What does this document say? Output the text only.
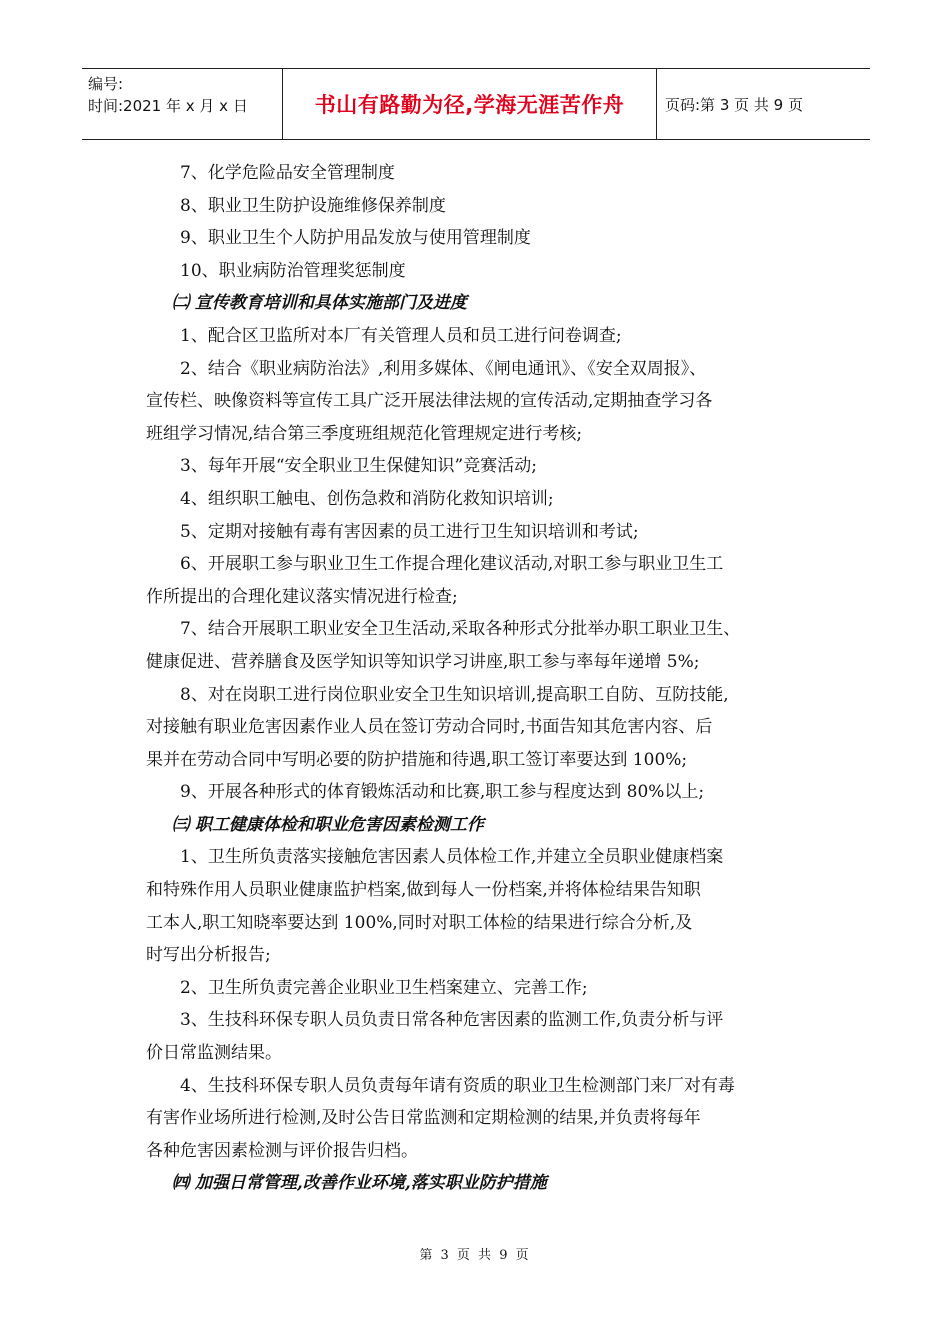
编号:
时间:2021 年 x 月 x 日	书山有路勤为径,学海无涯苦作舟	页码:第 3 页 共 9 页

7、化学危险品安全管理制度

8、职业卫生防护设施维修保养制度

9、职业卫生个人防护用品发放与使用管理制度

10、职业病防治管理奖惩制度

㈡ 宣传教育培训和具体实施部门及进度

1、配合区卫监所对本厂有关管理人员和员工进行问卷调查;

2、结合《职业病防治法》,利用多媒体、《闸电通讯》、《安全双周报》、

宣传栏、映像资料等宣传工具广泛开展法律法规的宣传活动,定期抽查学习各

班组学习情况,结合第三季度班组规范化管理规定进行考核;

3、每年开展“安全职业卫生保健知识”竞赛活动;

4、组织职工触电、创伤急救和消防化救知识培训;

5、定期对接触有毒有害因素的员工进行卫生知识培训和考试;

6、开展职工参与职业卫生工作提合理化建议活动,对职工参与职业卫生工

作所提出的合理化建议落实情况进行检查;

7、结合开展职工职业安全卫生活动,采取各种形式分批举办职工职业卫生、

健康促进、营养膳食及医学知识等知识学习讲座,职工参与率每年递增 5%;

8、对在岗职工进行岗位职业安全卫生知识培训,提高职工自防、互防技能,

对接触有职业危害因素作业人员在签订劳动合同时,书面告知其危害内容、后

果并在劳动合同中写明必要的防护措施和待遇,职工签订率要达到 100%;

9、开展各种形式的体育锻炼活动和比赛,职工参与程度达到 80%以上;

㈢ 职工健康体检和职业危害因素检测工作

1、卫生所负责落实接触危害因素人员体检工作,并建立全员职业健康档案

和特殊作用人员职业健康监护档案,做到每人一份档案,并将体检结果告知职

工本人,职工知晓率要达到 100%,同时对职工体检的结果进行综合分析,及

时写出分析报告;

2、卫生所负责完善企业职业卫生档案建立、完善工作;

3、生技科环保专职人员负责日常各种危害因素的监测工作,负责分析与评

价日常监测结果。

4、生技科环保专职人员负责每年请有资质的职业卫生检测部门来厂对有毒

有害作业场所进行检测,及时公告日常监测和定期检测的结果,并负责将每年

各种危害因素检测与评价报告归档。

㈣ 加强日常管理,改善作业环境,落实职业防护措施

第 3 页 共 9 页
